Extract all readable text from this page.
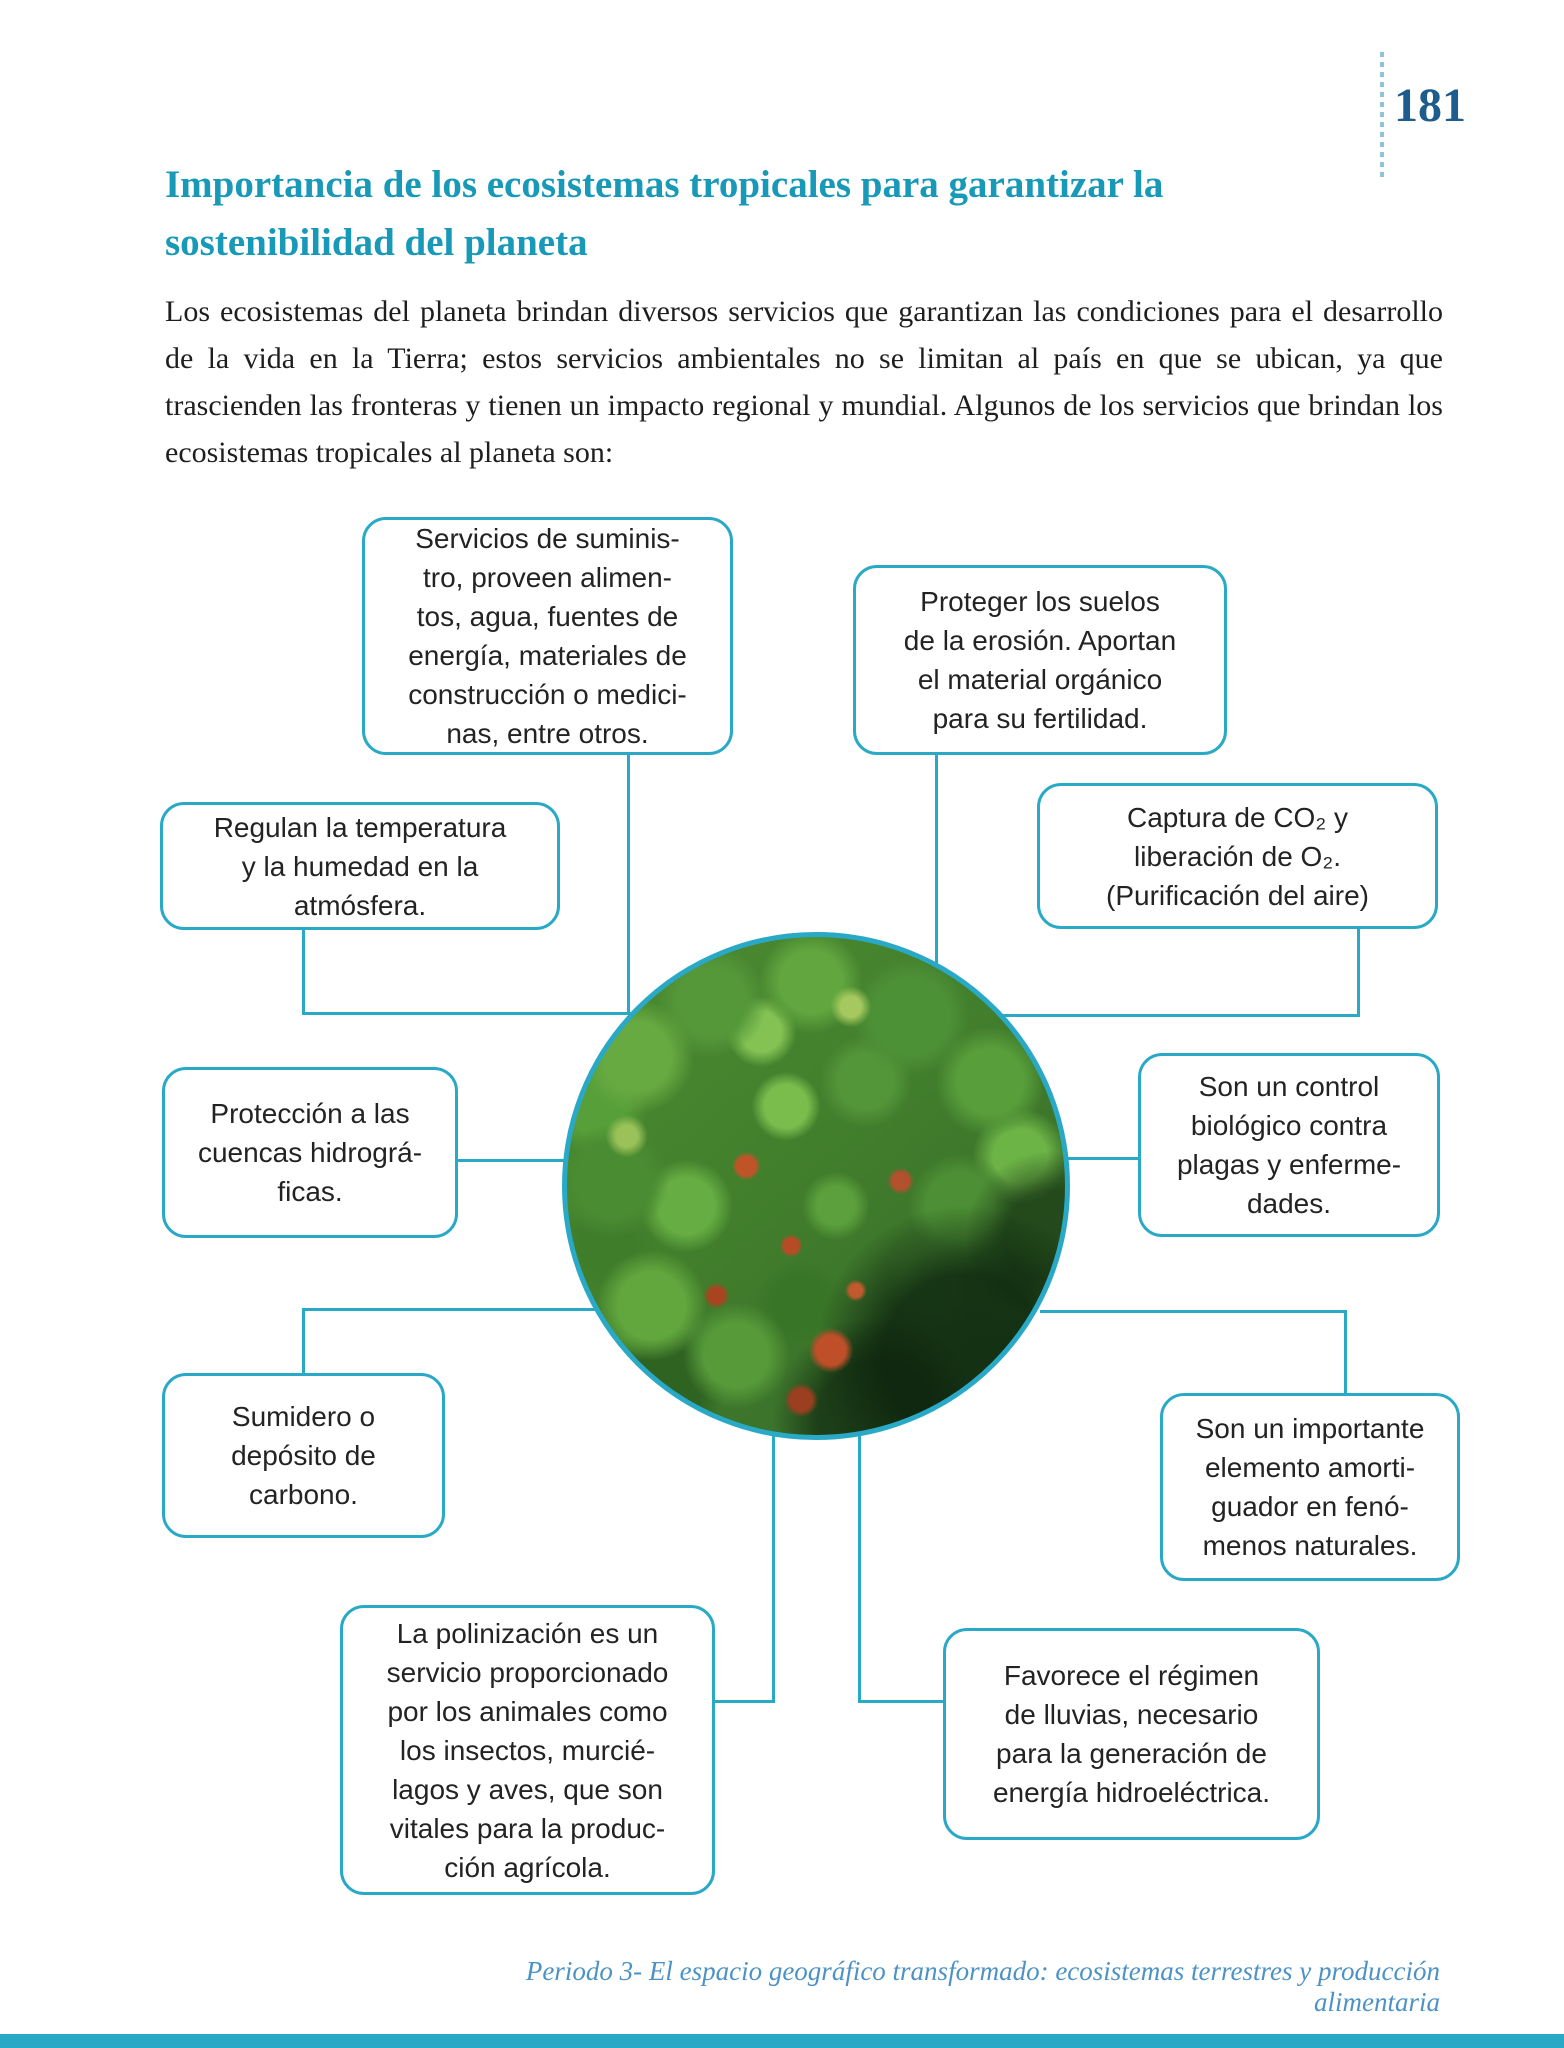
181
Importancia de los ecosistemas tropicales para garantizar la
sostenibilidad del planeta

Los ecosistemas del planeta brindan diversos servicios que garantizan las condiciones para el desarrollo de la vida en la Tierra; estos servicios ambientales no se limitan al país en que se ubican, ya que trascienden las fronteras y tienen un impacto regional y mundial. Algunos de los servicios que brindan los ecosistemas tropicales al planeta son:

Servicios de suminis-
tro, proveen alimen-
tos, agua, fuentes de
energía, materiales de
construcción o medici-
nas, entre otros.
Proteger los suelos
de la erosión. Aportan
el material orgánico
para su fertilidad.
Regulan la temperatura
y la humedad en la
atmósfera.
Captura de CO₂ y
liberación de O₂.
(Purificación del aire)
Protección a las
cuencas hidrográ-
ficas.
Son un control
biológico contra
plagas y enferme-
dades.
Sumidero o
depósito de
carbono.
Son un importante
elemento amorti-
guador en fenó-
menos naturales.
La polinización es un
servicio proporcionado
por los animales como
los insectos, murcié-
lagos y aves, que son
vitales para la produc-
ción agrícola.
Favorece el régimen
de lluvias, necesario
para la generación de
energía hidroeléctrica.
Periodo 3- El espacio geográfico transformado: ecosistemas terrestres y producción alimentaria
